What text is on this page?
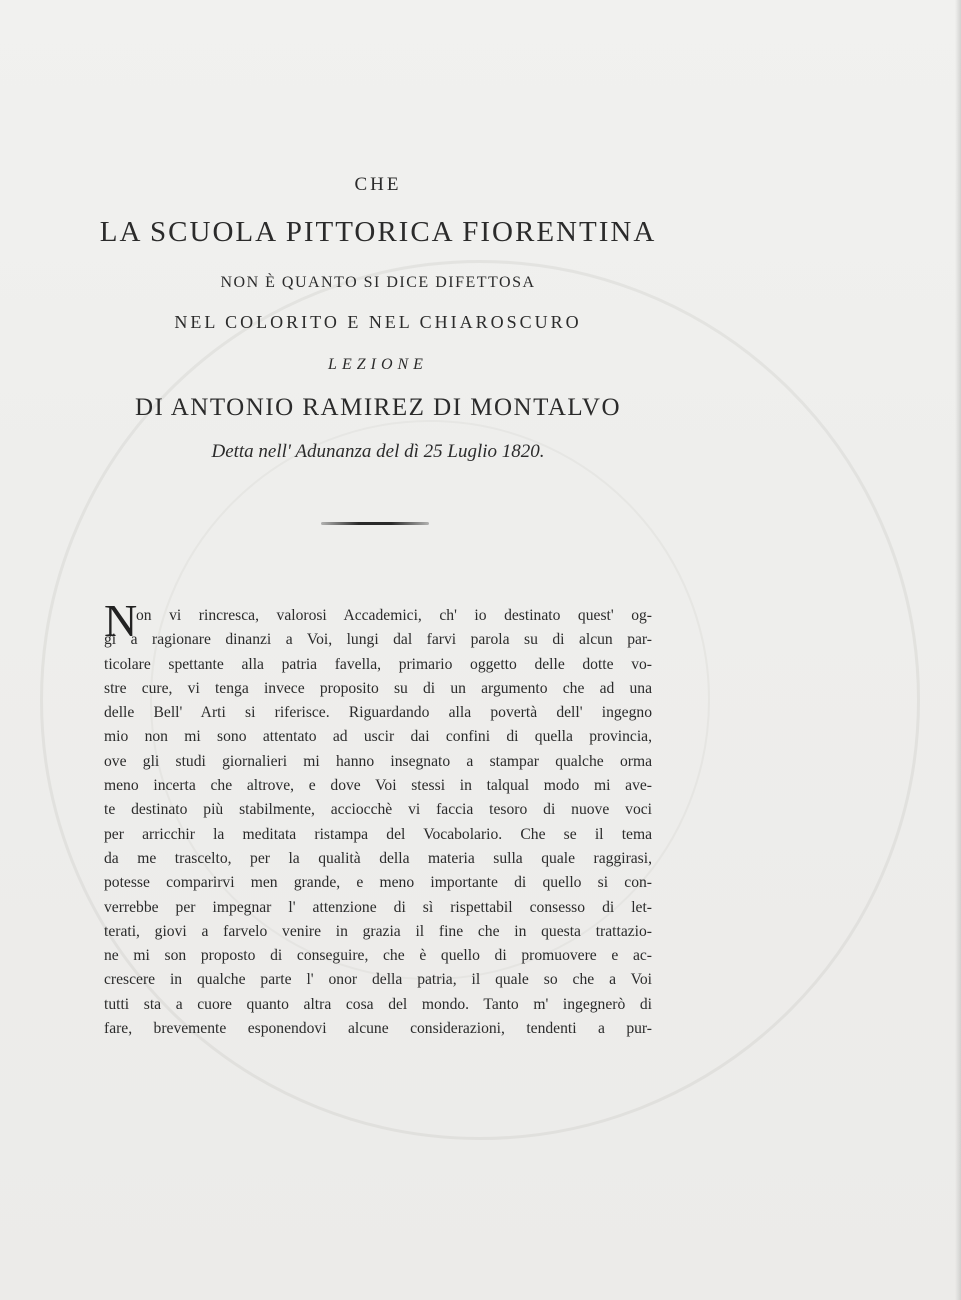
CHE
LA SCUOLA PITTORICA FIORENTINA
NON È QUANTO SI DICE DIFETTOSA
NEL COLORITO E NEL CHIAROSCURO
LEZIONE
DI ANTONIO RAMIREZ DI MONTALVO
Detta nell' Adunanza del dì 25 Luglio 1820.
N
on vi rincresca, valorosi Accademici, ch' io destinato quest' og-
gi a ragionare dinanzi a Voi, lungi dal farvi parola su di alcun par-
ticolare spettante alla patria favella, primario oggetto delle dotte vo-
stre cure, vi tenga invece proposito su di un argumento che ad una
delle Bell' Arti si riferisce. Riguardando alla povertà dell' ingegno
mio non mi sono attentato ad uscir dai confini di quella provincia,
ove gli studi giornalieri mi hanno insegnato a stampar qualche orma
meno incerta che altrove, e dove Voi stessi in talqual modo mi ave-
te destinato più stabilmente, acciocchè vi faccia tesoro di nuove voci
per arricchir la meditata ristampa del Vocabolario. Che se il tema
da me trascelto, per la qualità della materia sulla quale raggirasi,
potesse comparirvi men grande, e meno importante di quello si con-
verrebbe per impegnar l' attenzione di sì rispettabil consesso di let-
terati, giovi a farvelo venire in grazia il fine che in questa trattazio-
ne mi son proposto di conseguire, che è quello di promuovere e ac-
crescere in qualche parte l' onor della patria, il quale so che a Voi
tutti sta a cuore quanto altra cosa del mondo. Tanto m' ingegnerò di
fare, brevemente esponendovi alcune considerazioni, tendenti a pur-
